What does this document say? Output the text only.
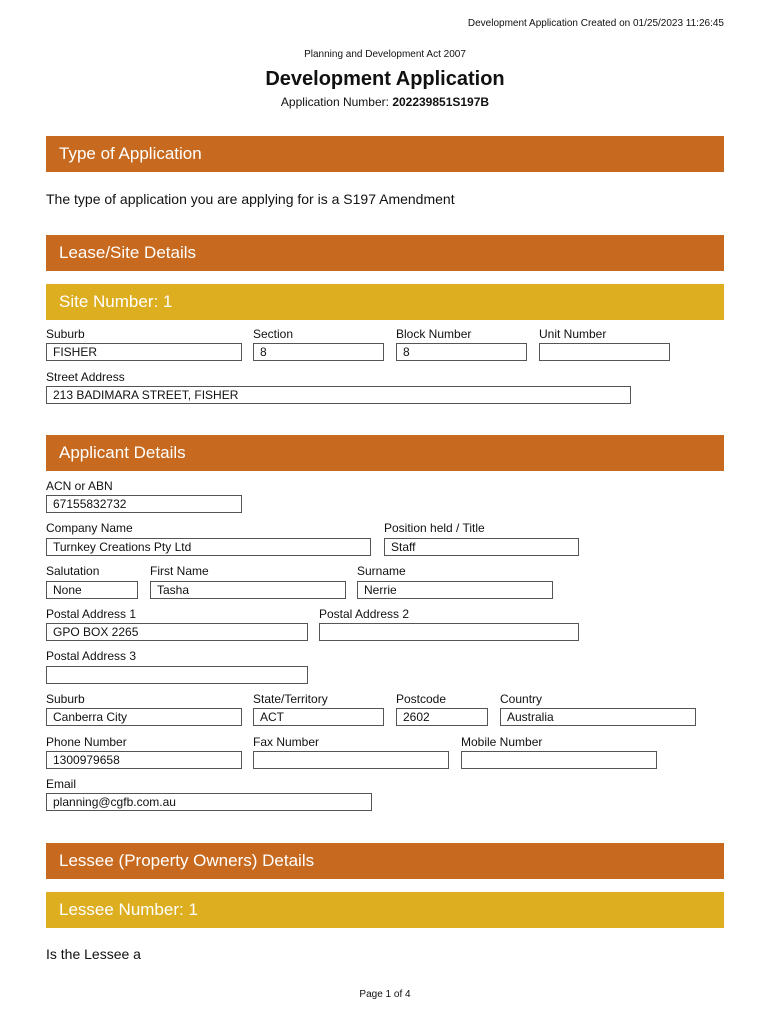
Development Application Created on 01/25/2023 11:26:45
Planning and Development Act 2007
Development Application
Application Number: 202239851S197B
Type of Application
The type of application you are applying for is a S197 Amendment
Lease/Site Details
Site Number: 1
Suburb
FISHER
Section
8
Block Number
8
Unit Number
Street Address
213 BADIMARA STREET, FISHER
Applicant Details
ACN or ABN
67155832732
Company Name
Turnkey Creations Pty Ltd
Position held / Title
Staff
Salutation
None
First Name
Tasha
Surname
Nerrie
Postal Address 1
GPO BOX 2265
Postal Address 2
Postal Address 3
Suburb
Canberra City
State/Territory
ACT
Postcode
2602
Country
Australia
Phone Number
1300979658
Fax Number	Mobile Number
Email
planning@cgfb.com.au
Lessee (Property Owners) Details
Lessee Number: 1
Is the Lessee a
Page 1 of 4
